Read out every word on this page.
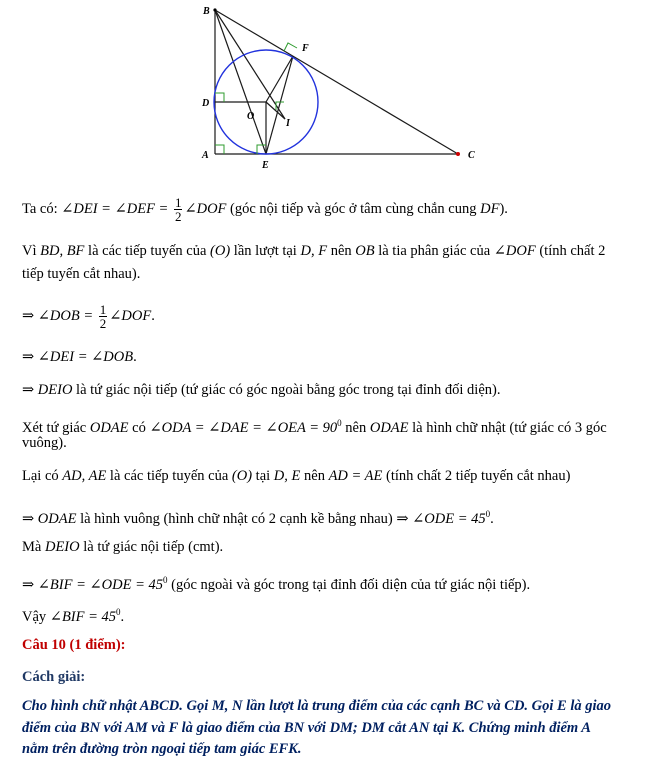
B
F
D
O
I
A
E
C
Ta có: ∠DEI = ∠DEF = $\frac{1}{2}$ ∠DOF (góc nội tiếp và góc ở tâm cùng chắn cung DF).
Vì BD, BF là các tiếp tuyến của (O) lần lượt tại D, F nên OB là tia phân giác của ∠DOF (tính chất 2
tiếp tuyến cắt nhau).
⇒ ∠DOB = $\frac{1}{2}$ ∠DOF.
⇒ ∠DEI = ∠DOB.
⇒ DEIO là tứ giác nội tiếp (tứ giác có góc ngoài bằng góc trong tại đỉnh đối diện).
Xét tứ giác ODAE có ∠ODA = ∠DAE = ∠OEA = $90^0$ nên ODAE là hình chữ nhật (tứ giác có 3 góc
vuông).
Lại có AD, AE là các tiếp tuyến của (O) tại D, E nên AD = AE (tính chất 2 tiếp tuyến cắt nhau)
⇒ ODAE là hình vuông (hình chữ nhật có 2 cạnh kề bằng nhau) ⇒ ∠ODE = $45^0$.
Mà DEIO là tứ giác nội tiếp (cmt).
⇒ ∠BIF = ∠ODE = $45^0$ (góc ngoài và góc trong tại đỉnh đối diện của tứ giác nội tiếp).
Vậy ∠BIF = $45^0$.
Câu 10 (1 điểm):
Cách giải:
Cho hình chữ nhật ABCD. Gọi M, N lần lượt là trung điểm của các cạnh BC và CD. Gọi E là giao
điểm của BN với AM và F là giao điểm của BN với DM; DM cắt AN tại K. Chứng minh điểm A
nằm trên đường tròn ngoại tiếp tam giác EFK.
